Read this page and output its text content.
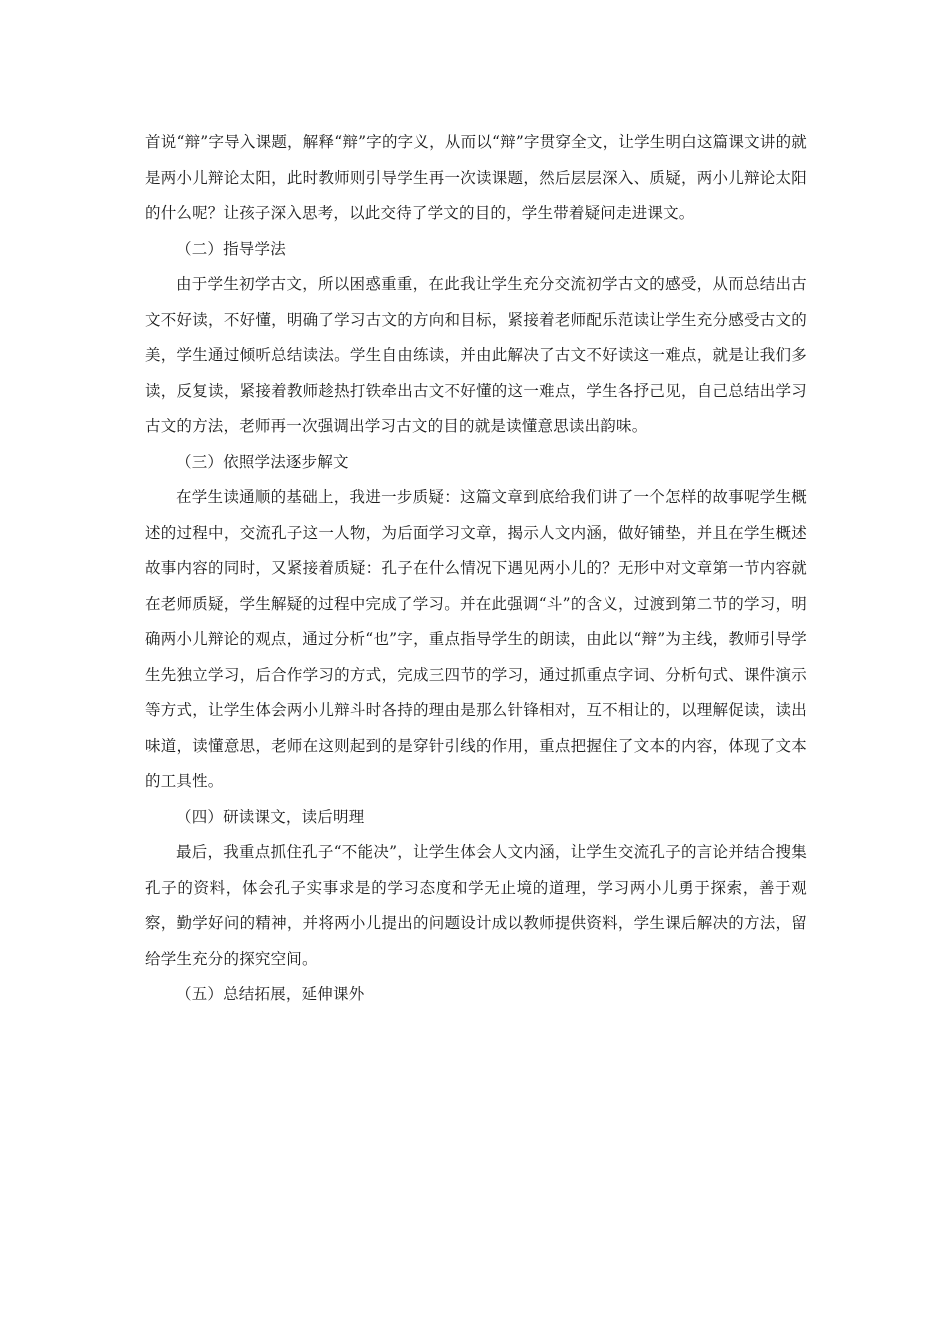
首说“辩”字导入课题，解释“辩”字的字义，从而以“辩”字贯穿全文，让学生明白这篇课文讲的就是两小儿辩论太阳，此时教师则引导学生再一次读课题，然后层层深入、质疑，两小儿辩论太阳的什么呢？让孩子深入思考，以此交待了学文的目的，学生带着疑问走进课文。

（二）指导学法

由于学生初学古文，所以困惑重重，在此我让学生充分交流初学古文的感受，从而总结出古文不好读，不好懂，明确了学习古文的方向和目标，紧接着老师配乐范读让学生充分感受古文的美，学生通过倾听总结读法。学生自由练读，并由此解决了古文不好读这一难点，就是让我们多读，反复读，紧接着教师趁热打铁牵出古文不好懂的这一难点，学生各抒己见，自己总结出学习古文的方法，老师再一次强调出学习古文的目的就是读懂意思读出韵味。

（三）依照学法逐步解文

在学生读通顺的基础上，我进一步质疑：这篇文章到底给我们讲了一个怎样的故事呢学生概述的过程中，交流孔子这一人物，为后面学习文章，揭示人文内涵，做好铺垫，并且在学生概述故事内容的同时，又紧接着质疑：孔子在什么情况下遇见两小儿的？无形中对文章第一节内容就在老师质疑，学生解疑的过程中完成了学习。并在此强调“斗”的含义，过渡到第二节的学习，明确两小儿辩论的观点，通过分析“也”字，重点指导学生的朗读，由此以“辩”为主线，教师引导学生先独立学习，后合作学习的方式，完成三四节的学习，通过抓重点字词、分析句式、课件演示等方式，让学生体会两小儿辩斗时各持的理由是那么针锋相对，互不相让的，以理解促读，读出味道，读懂意思，老师在这则起到的是穿针引线的作用，重点把握住了文本的内容，体现了文本的工具性。

（四）研读课文，读后明理

最后，我重点抓住孔子“不能决”，让学生体会人文内涵，让学生交流孔子的言论并结合搜集孔子的资料，体会孔子实事求是的学习态度和学无止境的道理，学习两小儿勇于探索，善于观察，勤学好问的精神，并将两小儿提出的问题设计成以教师提供资料，学生课后解决的方法，留给学生充分的探究空间。

（五）总结拓展，延伸课外
